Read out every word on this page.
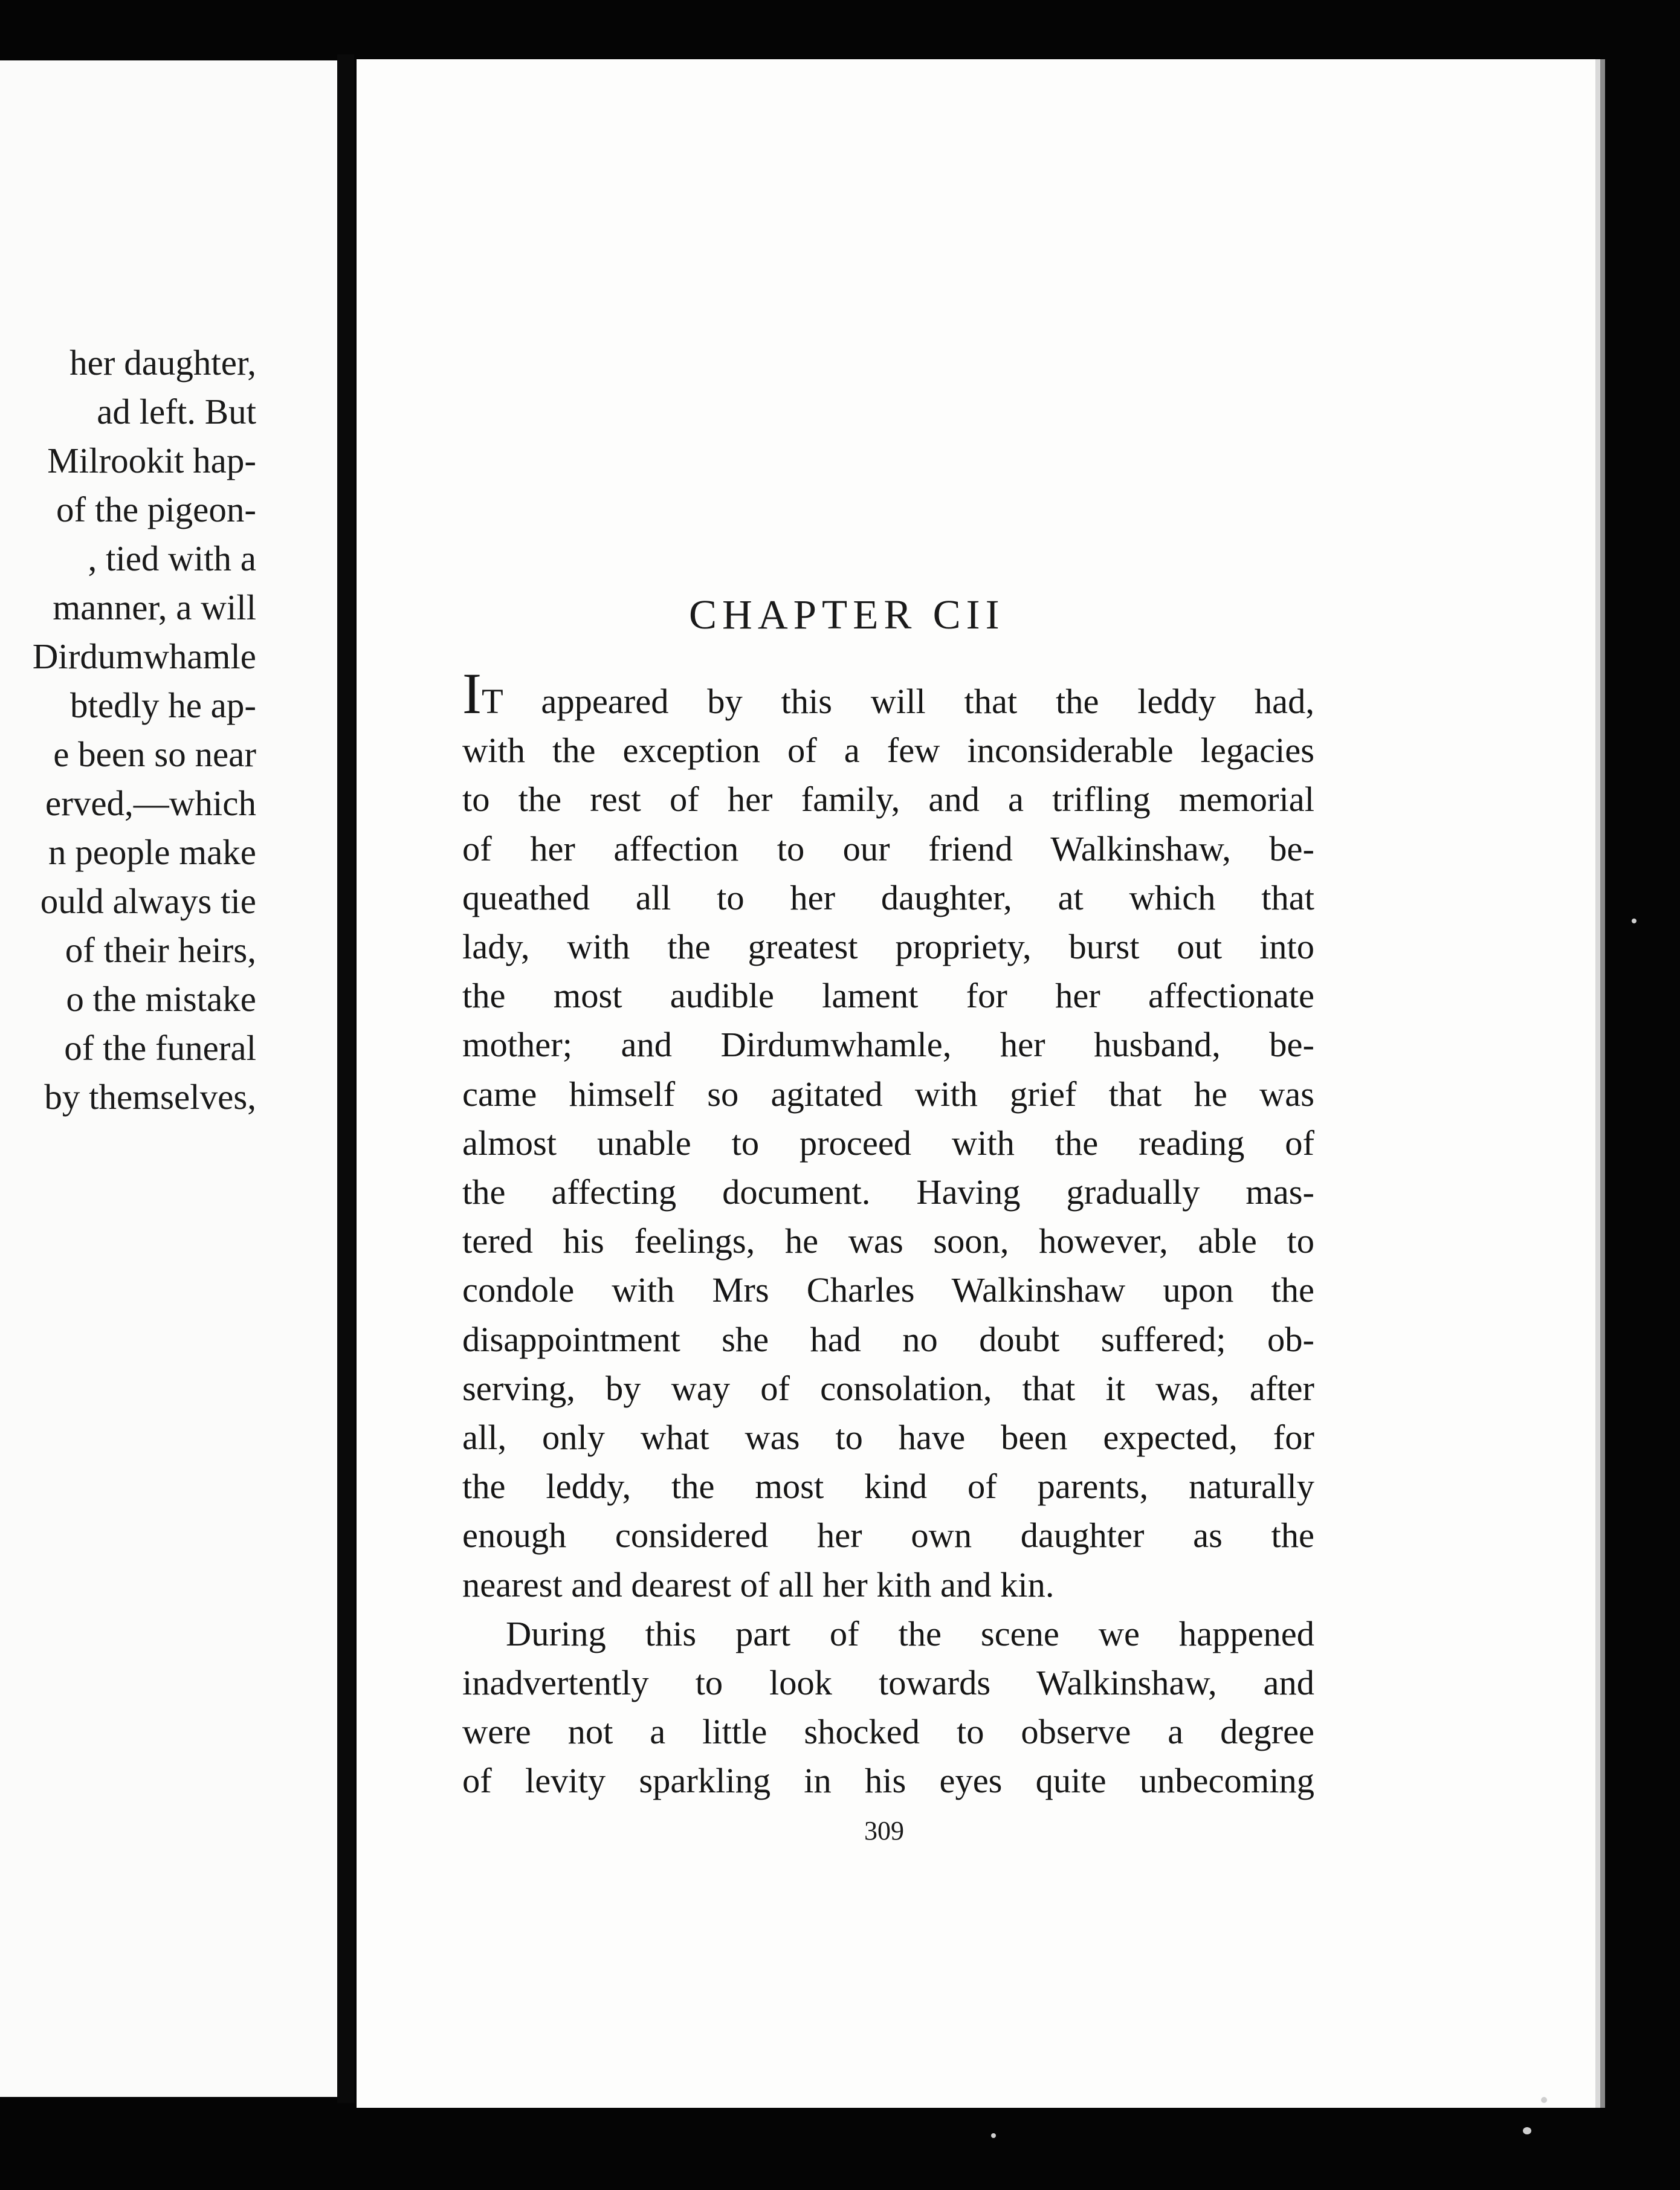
her daughter,
ad left. But
Milrookit hap-
of the pigeon-
, tied with a
manner, a will
Dirdumwhamle
btedly he ap-
e been so near
erved,—which
n people make
ould always tie
of their heirs,
o the mistake
of the funeral
by themselves,
CHAPTER CII
IT appeared by this will that the leddy had,
with the exception of a few inconsiderable legacies
to the rest of her family, and a trifling memorial
of her affection to our friend Walkinshaw, be-
queathed all to her daughter, at which that
lady, with the greatest propriety, burst out into
the most audible lament for her affectionate
mother; and Dirdumwhamle, her husband, be-
came himself so agitated with grief that he was
almost unable to proceed with the reading of
the affecting document. Having gradually mas-
tered his feelings, he was soon, however, able to
condole with Mrs Charles Walkinshaw upon the
disappointment she had no doubt suffered; ob-
serving, by way of consolation, that it was, after
all, only what was to have been expected, for
the leddy, the most kind of parents, naturally
enough considered her own daughter as the
nearest and dearest of all her kith and kin.
During this part of the scene we happened
inadvertently to look towards Walkinshaw, and
were not a little shocked to observe a degree
of levity sparkling in his eyes quite unbecoming
309
